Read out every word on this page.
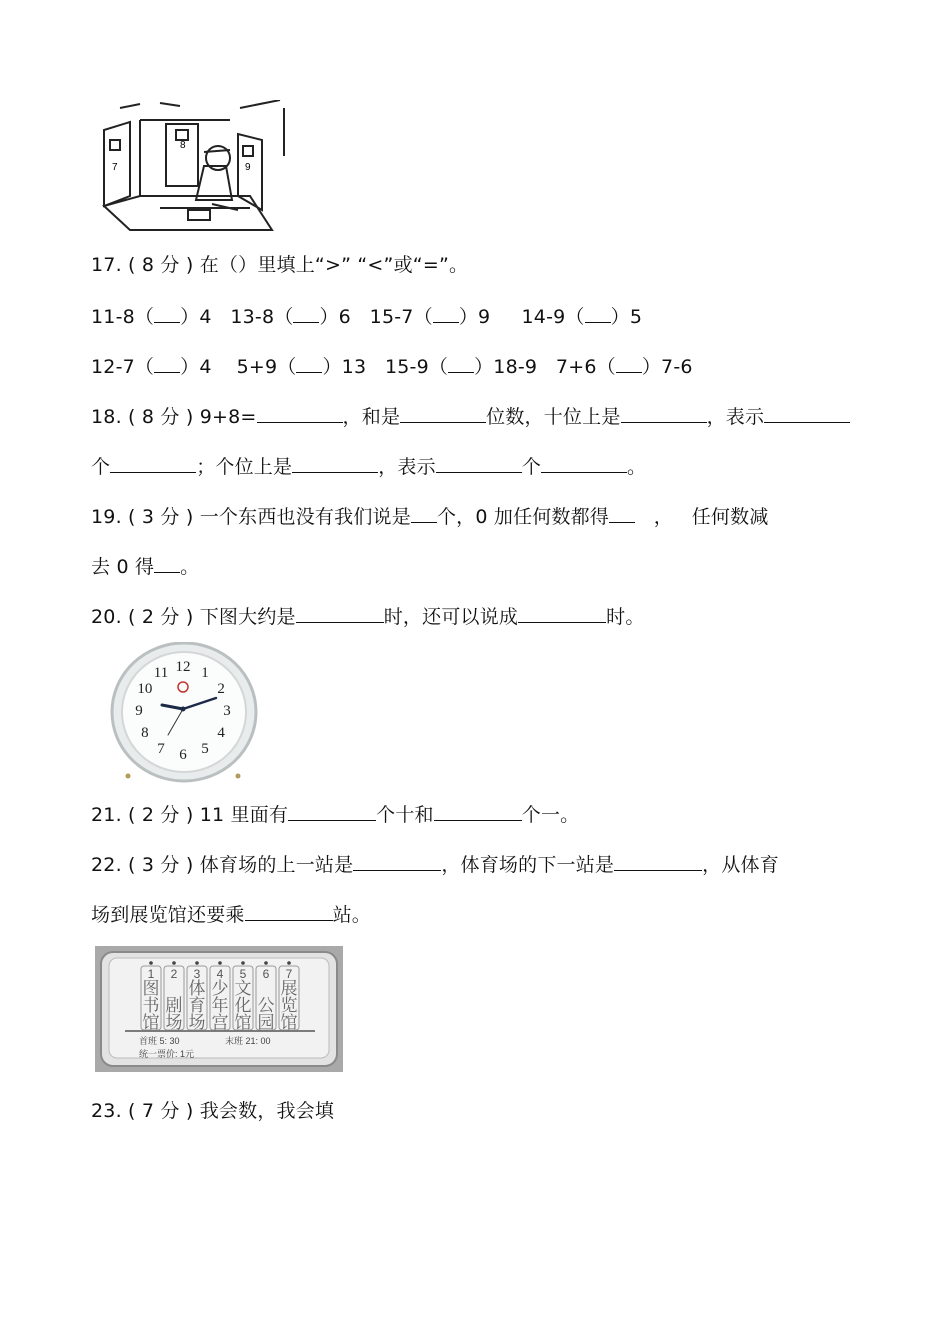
7
8
9
17. ( 8 分 ) 在（）里填上“>” “<”或“=”。
11-8（ ）4   13-8（ ）6   15-7（ ）9     14-9（ ）5
12-7（ ）4    5+9（ ）13   15-9（ ）18-9   7+6（ ）7-6
18. ( 8 分 ) 9+8=	，和是	位数，十位上是	，表示
个	；个位上是	，表示	个	。
19. ( 3 分 ) 一个东西也没有我们说是 个，0 加任何数都得   ，   任何数减
去 0 得 。
20. ( 2 分 ) 下图大约是	时，还可以说成	时。
12 1
2
3
4
5
6
7
8
9
10
11
21. ( 2 分 ) 11 里面有	个十和	个一。
22. ( 3 分 ) 体育场的上一站是	，体育场的下一站是	，从体育
场到展览馆还要乘	站。
1
图
书
馆
2
剧
场
3
体
育
场
4
少
年
宫
5
文
化
馆
6
公
园
7
展
览
馆
首班 5: 30	末班 21: 00
统一票价: 1元
23. ( 7 分 ) 我会数，我会填
